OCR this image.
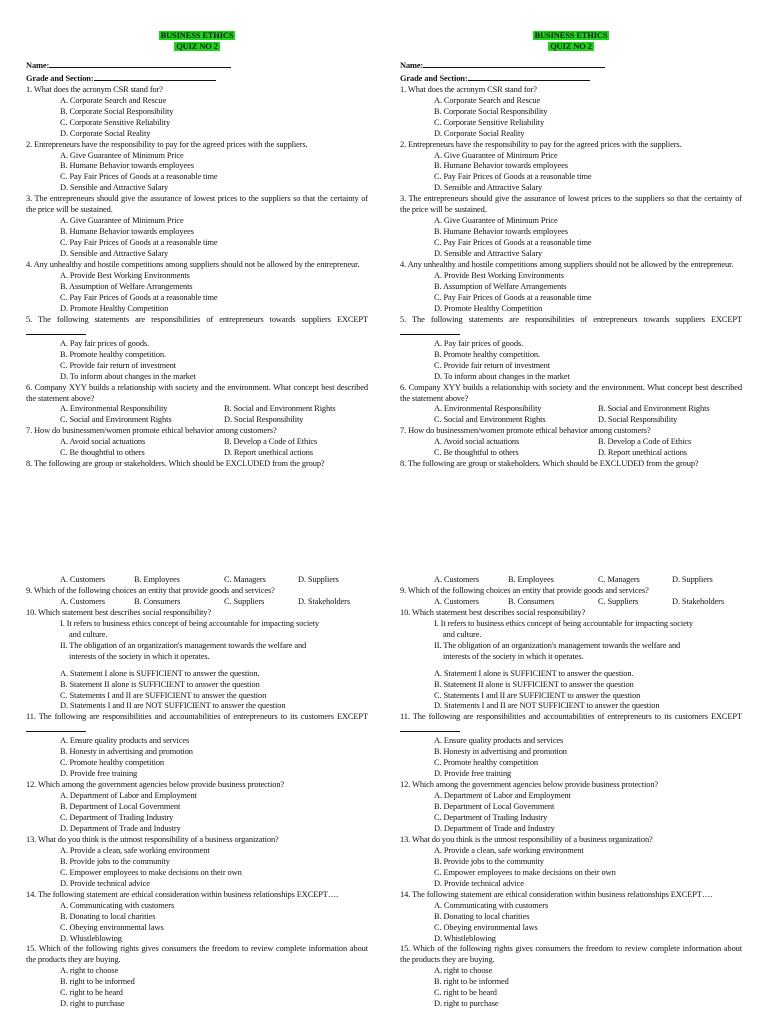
BUSINESS ETHICS
QUIZ NO 2
Name:
Grade and Section:
1. What does the acronym CSR stand for?
A. Corporate Search and Rescue
B. Corporate Social Responsibility
C. Corporate Sensitive Reliability
D. Corporate Social Reality
2. Entrepreneurs have the responsibility to pay for the agreed prices with the suppliers.
A. Give Guarantee of Minimum Price
B. Humane Behavior towards employees
C. Pay Fair Prices of Goods at a reasonable time
D. Sensible and Attractive Salary
3. The entrepreneurs should give the assurance of lowest prices to the suppliers so that the certainty of the price will be sustained.
A. Give Guarantee of Minimum Price
B. Humane Behavior towards employees
C. Pay Fair Prices of Goods at a reasonable time
D. Sensible and Attractive Salary
4. Any unhealthy and hostile competitions among suppliers should not be allowed by the entrepreneur.
A. Provide Best Working Environments
B. Assumption of Welfare Arrangements
C. Pay Fair Prices of Goods at a reasonable time
D. Promote Healthy Competition
5. The following statements are responsibilities of entrepreneurs towards suppliers EXCEPT
A. Pay fair prices of goods.
B. Promote healthy competition.
C. Provide fair return of investment
D. To inform about changes in the market
6. Company XYY builds a relationship with society and the environment. What concept best described the statement above?
A. Environmental Responsibility	B. Social and Environment Rights
C. Social and Environment Rights	D. Social Responsibility
7. How do businessmen/women promote ethical behavior among customers?
A. Avoid social actuations	B. Develop a Code of Ethics
C. Be thoughtful to others	D. Report unethical actions
8. The following are group or stakeholders. Which should be EXCLUDED from the group?
BUSINESS ETHICS
QUIZ NO 2
Name:
Grade and Section:
1. What does the acronym CSR stand for?
A. Corporate Search and Rescue
B. Corporate Social Responsibility
C. Corporate Sensitive Reliability
D. Corporate Social Reality
2. Entrepreneurs have the responsibility to pay for the agreed prices with the suppliers.
A. Give Guarantee of Minimum Price
B. Humane Behavior towards employees
C. Pay Fair Prices of Goods at a reasonable time
D. Sensible and Attractive Salary
3. The entrepreneurs should give the assurance of lowest prices to the suppliers so that the certainty of the price will be sustained.
A. Give Guarantee of Minimum Price
B. Humane Behavior towards employees
C. Pay Fair Prices of Goods at a reasonable time
D. Sensible and Attractive Salary
4. Any unhealthy and hostile competitions among suppliers should not be allowed by the entrepreneur.
A. Provide Best Working Environments
B. Assumption of Welfare Arrangements
C. Pay Fair Prices of Goods at a reasonable time
D. Promote Healthy Competition
5. The following statements are responsibilities of entrepreneurs towards suppliers EXCEPT
A. Pay fair prices of goods.
B. Promote healthy competition.
C. Provide fair return of investment
D. To inform about changes in the market
6. Company XYY builds a relationship with society and the environment. What concept best described the statement above?
A. Environmental Responsibility	B. Social and Environment Rights
C. Social and Environment Rights	D. Social Responsibility
7. How do businessmen/women promote ethical behavior among customers?
A. Avoid social actuations	B. Develop a Code of Ethics
C. Be thoughtful to others	D. Report unethical actions
8. The following are group or stakeholders. Which should be EXCLUDED from the group?
A. Customers	B. Employees	C. Managers	D. Suppliers
9. Which of the following choices an entity that provide goods and services?
A. Customers	B. Consumers	C. Suppliers	D. Stakeholders
10. Which statement best describes social responsibility?
I. It refers to business ethics concept of being accountable for impacting society
and culture.
II. The obligation of an organization's management towards the welfare and
interests of the society in which it operates.
A. Statement I alone is SUFFICIENT to answer the question.
B. Statement II alone is SUFFICIENT to answer the question
C. Statements I and II are SUFFICIENT to answer the question
D. Statements I and II are NOT SUFFICIENT to answer the question
11. The following are responsibilities and accountabilities of entrepreneurs to its customers EXCEPT
A. Ensure quality products and services
B. Honesty in advertising and promotion
C. Promote healthy competition
D. Provide free training
12. Which among the government agencies below provide business protection?
A. Department of Labor and Employment
B. Department of Local Government
C. Department of Trading Industry
D. Department of Trade and Industry
13. What do you think is the utmost responsibility of a business organization?
A. Provide a clean, safe working environment
B. Provide jobs to the community
C. Empower employees to make decisions on their own
D. Provide technical advice
14. The following statement are ethical consideration within business relationships EXCEPT….
A. Communicating with customers
B. Donating to local charities
C. Obeying environmental laws
D. Whistleblowing
15. Which of the following rights gives consumers the freedom to review complete information about the products they are buying.
A. right to choose
B. right to be informed
C. right to be heard
D. right to purchase
A. Customers	B. Employees	C. Managers	D. Suppliers
9. Which of the following choices an entity that provide goods and services?
A. Customers	B. Consumers	C. Suppliers	D. Stakeholders
10. Which statement best describes social responsibility?
I. It refers to business ethics concept of being accountable for impacting society
and culture.
II. The obligation of an organization's management towards the welfare and
interests of the society in which it operates.
A. Statement I alone is SUFFICIENT to answer the question.
B. Statement II alone is SUFFICIENT to answer the question
C. Statements I and II are SUFFICIENT to answer the question
D. Statements I and II are NOT SUFFICIENT to answer the question
11. The following are responsibilities and accountabilities of entrepreneurs to its customers EXCEPT
A. Ensure quality products and services
B. Honesty in advertising and promotion
C. Promote healthy competition
D. Provide free training
12. Which among the government agencies below provide business protection?
A. Department of Labor and Employment
B. Department of Local Government
C. Department of Trading Industry
D. Department of Trade and Industry
13. What do you think is the utmost responsibility of a business organization?
A. Provide a clean, safe working environment
B. Provide jobs to the community
C. Empower employees to make decisions on their own
D. Provide technical advice
14. The following statement are ethical consideration within business relationships EXCEPT….
A. Communicating with customers
B. Donating to local charities
C. Obeying environmental laws
D. Whistleblowing
15. Which of the following rights gives consumers the freedom to review complete information about the products they are buying.
A. right to choose
B. right to be informed
C. right to be heard
D. right to purchase
